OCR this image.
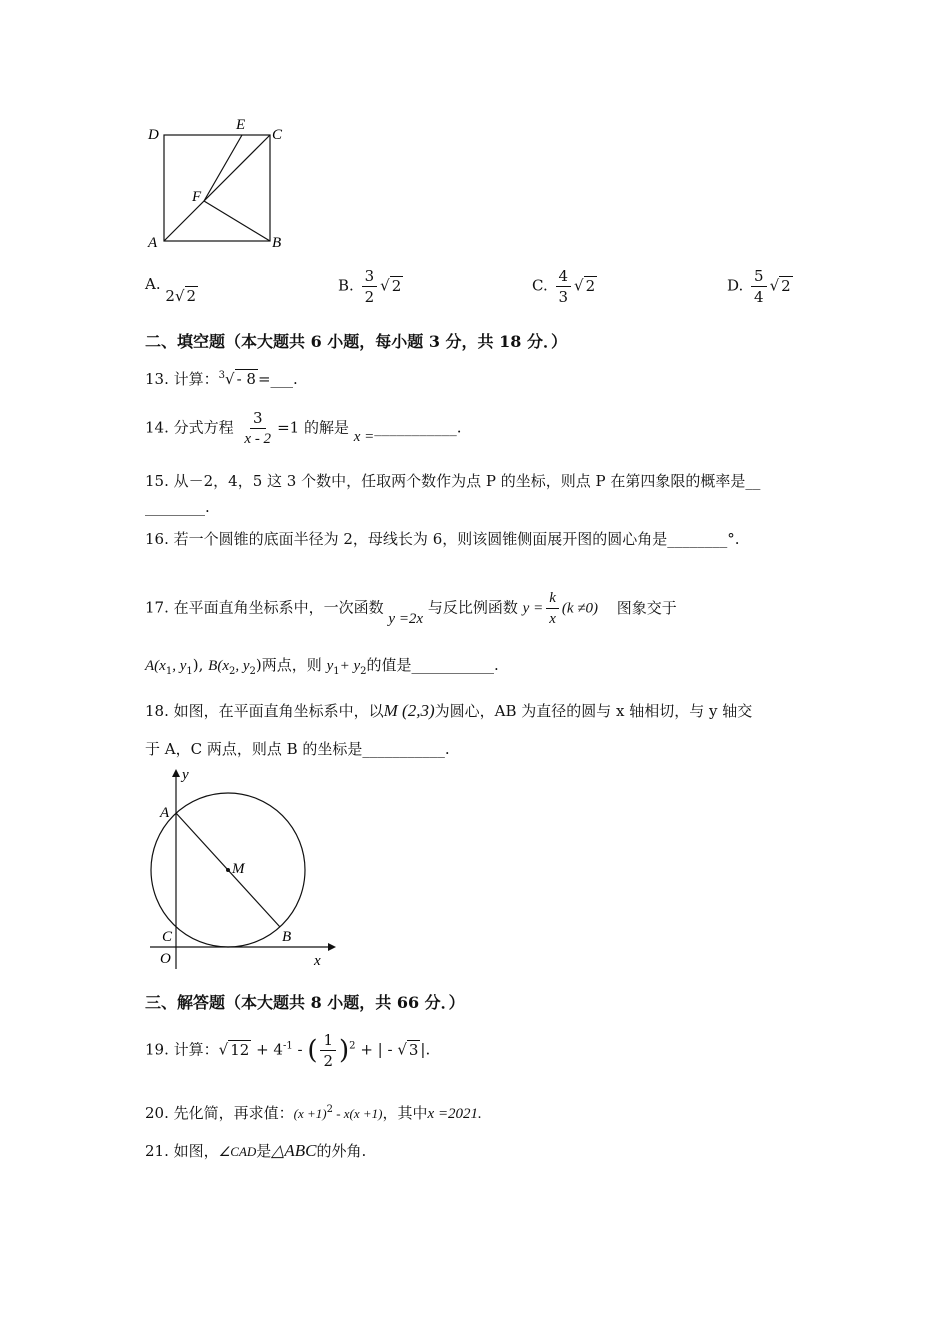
D
E
C
F
A	B
A. 2√ 2
B. $\frac{3}{2}$ √ 2	C. $\frac{4}{3}$ √ 2	D. $\frac{5}{4}$ √ 2
二、填空题（本大题共 6 小题，每小题 3 分，共 18 分．）
13. 计算：$^3$√ - 8 =___.
14. 分式方程 $\frac{3}{x - 2} =1$ 的解是 x =___________.
15. 从－2，4，5 这 3 个数中，任取两个数作为点 P 的坐标，则点 P 在第四象限的概率是__
________.
16. 若一个圆锥的底面半径为 2，母线长为 6，则该圆锥侧面展开图的圆心角是________°.
17. 在平面直角坐标系中，一次函数 y =2x 与反比例函数 $y = \frac{k}{x} (k \ne 0)$ 图象交于
$A(x_1$, $y_1$), $B(x_2$, $y_2$)两点，则 $y_1+ y_2$的值是___________.
18. 如图，在平面直角坐标系中，以M (2,3)为圆心，AB 为直径的圆与 x 轴相切，与 y 轴交
于 A，C 两点，则点 B 的坐标是___________.
y
A
M
C	B
O	x
三、解答题（本大题共 8 小题，共 66 分．）
19. 计算：√ $12 + 4^{-1}$ - ( $\frac{1}{2} )^2$ + | - √ 3 |.
20. 先化简，再求值：$(x +1)^2 - x(x +1)$，其中x =2021.
21. 如图，∠CAD是△ABC的外角.
